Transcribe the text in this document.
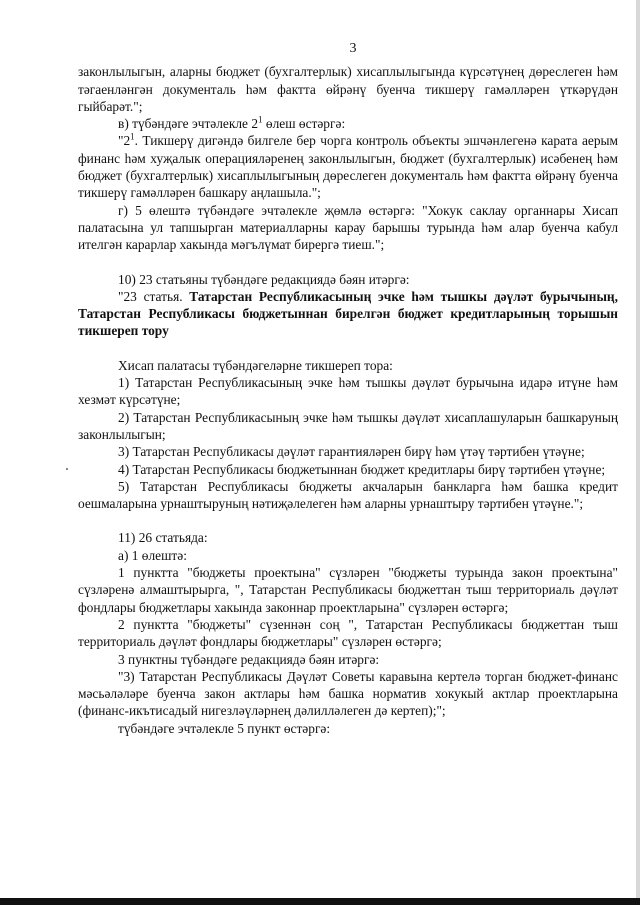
3

законлылыгын, аларны бюджет (бухгалтерлык) хисаплылыгында күрсәтүнең дөреслеген һәм тәгаенләнгән документаль һәм фактта өйрәнү буенча тикшерү гамәлләрен үткәрүдән гыйбарәт.";

в) түбәндәге эчтәлекле $2^1$ өлеш өстәргә:

"$2^1$. Тикшерү дигәндә билгеле бер чорга контроль объекты эшчәнлегенә карата аерым финанс һәм хуҗалык операцияләренең законлылыгын, бюджет (бухгалтерлык) исәбенең һәм бюджет (бухгалтерлык) хисаплылыгының дөреслеген документаль һәм фактта өйрәнү буенча тикшерү гамәлләрен башкару аңлашыла.";

г) 5 өлештә түбәндәге эчтәлекле җөмлә өстәргә: "Хокук саклау органнары Хисап палатасына ул тапшырган материалларны карау барышы турында һәм алар буенча кабул ителгән карарлар хакында мәгълүмат бирергә тиеш.";

10) 23 статьяны түбәндәге редакциядә бәян итәргә:

"23 статья. Татарстан Республикасының эчке һәм тышкы дәүләт бурычының, Татарстан Республикасы бюджетыннан бирелгән бюджет кредитларының торышын тикшереп тору

Хисап палатасы түбәндәгеләрне тикшереп тора:

1) Татарстан Республикасының эчке һәм тышкы дәүләт бурычына идарә итүне һәм хезмәт күрсәтүне;

2) Татарстан Республикасының эчке һәм тышкы дәүләт хисаплашуларын башкаруның законлылыгын;

3) Татарстан Республикасы дәүләт гарантияләрен бирү һәм үтәү тәртибен үтәүне;

4) Татарстан Республикасы бюджетыннан бюджет кредитлары бирү тәртибен үтәүне;

5) Татарстан Республикасы бюджеты акчаларын банкларга һәм башка кредит оешмаларына урнаштыруның нәтиҗәлелеген һәм аларны урнаштыру тәртибен үтәүне.";

11) 26 статьяда:

а) 1 өлештә:

1 пунктта "бюджеты проектына" сүзләрен "бюджеты турында закон проектына" сүзләренә алмаштырырга, ", Татарстан Республикасы бюджеттан тыш территориаль дәүләт фондлары бюджетлары хакында законнар проектларына" сүзләрен өстәргә;

2 пунктта "бюджеты" сүзеннән соң ", Татарстан Республикасы бюджеттан тыш территориаль дәүләт фондлары бюджетлары" сүзләрен өстәргә;

3 пунктны түбәндәге редакциядә бәян итәргә:

"3) Татарстан Республикасы Дәүләт Советы каравына кертелә торган бюджет-финанс мәсьәләләре буенча закон актлары һәм башка норматив хокукый актлар проектларына (финанс-икътисадый нигезләүләрнең дәлилләлеген дә кертеп);";

түбәндәге эчтәлекле 5 пункт өстәргә:
